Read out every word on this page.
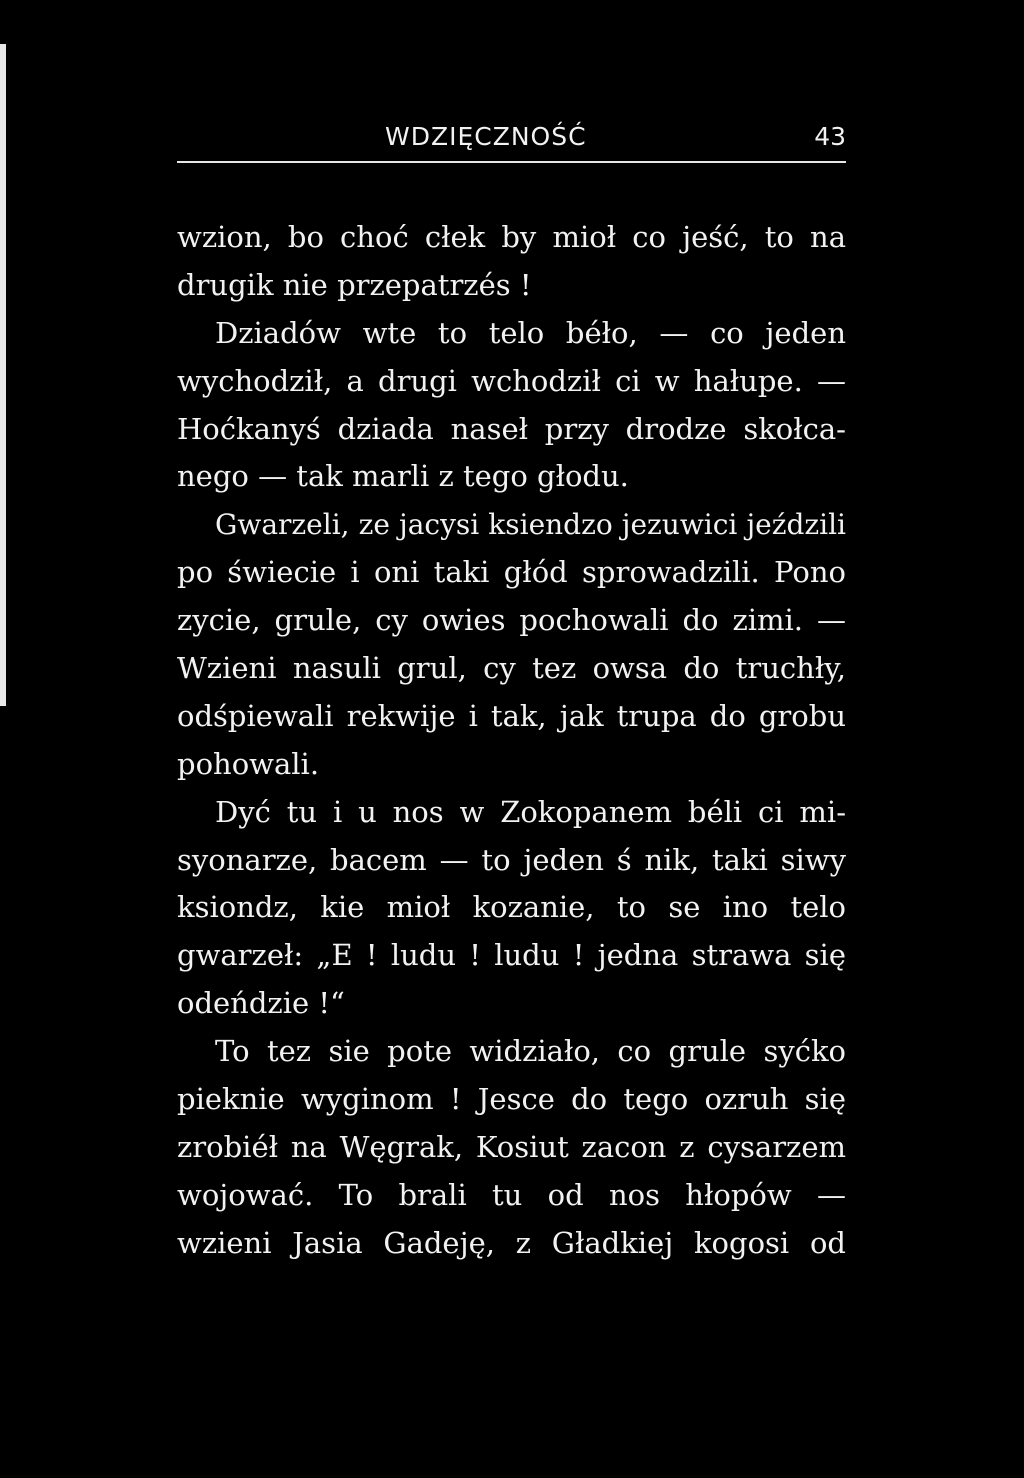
WDZIĘCZNOŚĆ	43
wzion, bo choć cłek by mioł co jeść, to na
drugik nie przepatrzés !
Dziadów wte to telo béło, — co jeden
wychodził, a drugi wchodził ci w hałupe. —
Hoćkanyś dziada naseł przy drodze skołca-
nego — tak marli z tego głodu.
Gwarzeli, ze jacysi ksiendzo jezuwici jeździli
po świecie i oni taki głód sprowadzili. Pono
zycie, grule, cy owies pochowali do zimi. —
Wzieni nasuli grul, cy tez owsa do truchły,
odśpiewali rekwije i tak, jak trupa do grobu
pohowali.
Dyć tu i u nos w Zokopanem béli ci mi-
syonarze, bacem — to jeden ś nik, taki siwy
ksiondz, kie mioł kozanie, to se ino telo
gwarzeł: „E ! ludu ! ludu ! jedna strawa się
odeńdzie !“
To tez sie pote widziało, co grule syćko
pieknie wyginom ! Jesce do tego ozruh się
zrobiéł na Węgrak, Kosiut zacon z cysarzem
wojować. To brali tu od nos hłopów —
wzieni Jasia Gadeję, z Gładkiej kogosi od
